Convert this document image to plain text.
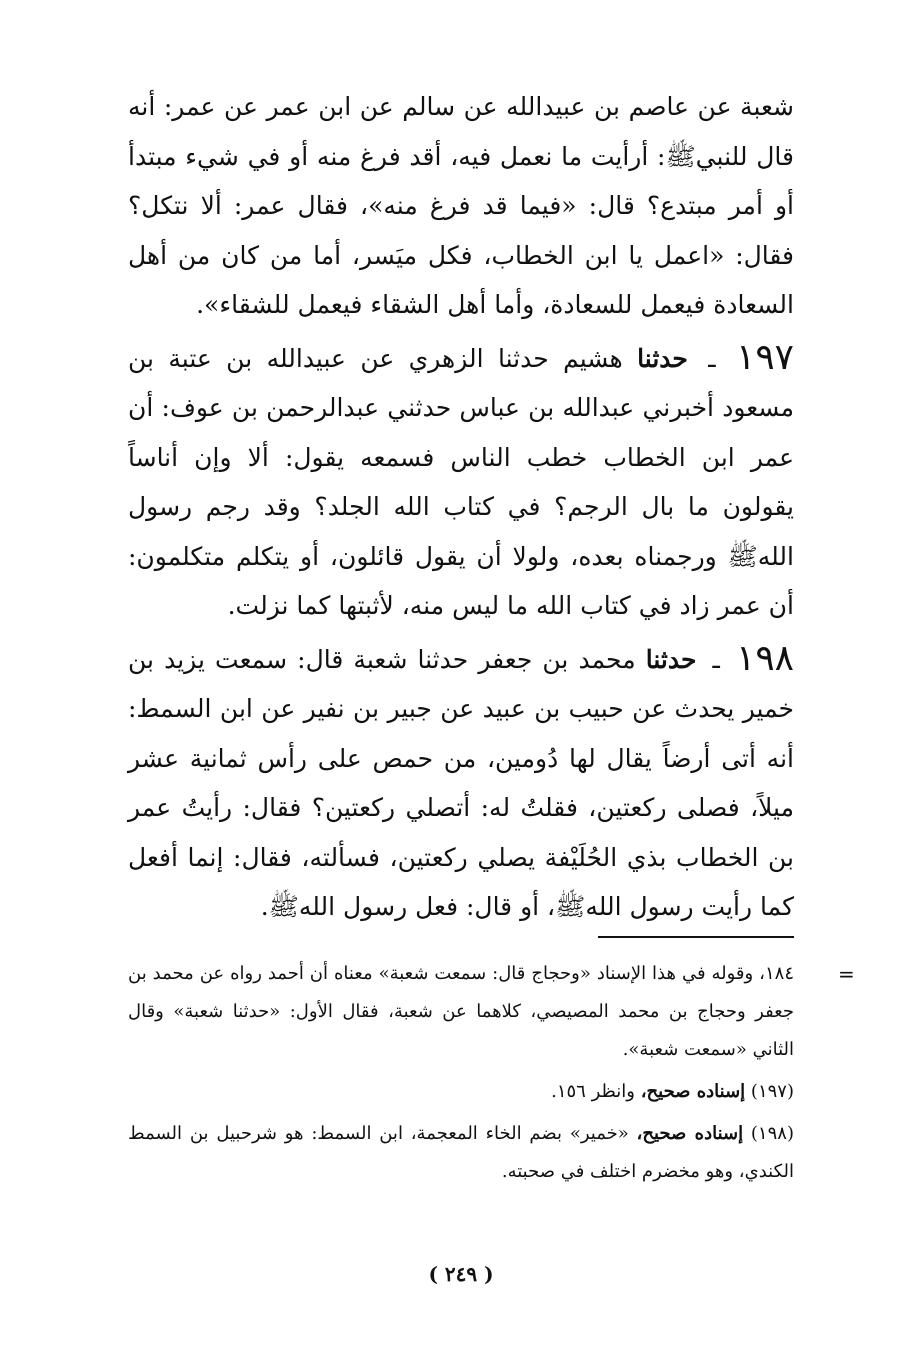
شعبة عن عاصم بن عبيدالله عن سالم عن ابن عمر عن عمر: أنه قال للنبيﷺ: أرأيت ما نعمل فيه، أقد فرغ منه أو في شيء مبتدأ أو أمر مبتدع؟ قال: «فيما قد فرغ منه»، فقال عمر: ألا نتكل؟ فقال: «اعمل يا ابن الخطاب، فكل ميَسر، أما من كان من أهل السعادة فيعمل للسعادة، وأما أهل الشقاء فيعمل للشقاء».

١٩٧ ـ حدثنا هشيم حدثنا الزهري عن عبيدالله بن عتبة بن مسعود أخبرني عبدالله بن عباس حدثني عبدالرحمن بن عوف: أن عمر ابن الخطاب خطب الناس فسمعه يقول: ألا وإن أناساً يقولون ما بال الرجم؟ في كتاب الله الجلد؟ وقد رجم رسول اللهﷺ ورجمناه بعده، ولولا أن يقول قائلون، أو يتكلم متكلمون: أن عمر زاد في كتاب الله ما ليس منه، لأثبتها كما نزلت.

١٩٨ ـ حدثنا محمد بن جعفر حدثنا شعبة قال: سمعت يزيد بن خمير يحدث عن حبيب بن عبيد عن جبير بن نفير عن ابن السمط: أنه أتى أرضاً يقال لها دُومين، من حمص على رأس ثمانية عشر ميلاً، فصلى ركعتين، فقلتُ له: أتصلي ركعتين؟ فقال: رأيتُ عمر بن الخطاب بذي الحُلَيْفة يصلي ركعتين، فسألته، فقال: إنما أفعل كما رأيت رسول اللهﷺ، أو قال: فعل رسول اللهﷺ.

=

١٨٤، وقوله في هذا الإسناد «وحجاج قال: سمعت شعبة» معناه أن أحمد رواه عن محمد بن جعفر وحجاج بن محمد المصيصي، كلاهما عن شعبة، فقال الأول: «حدثنا شعبة» وقال الثاني «سمعت شعبة».

(١٩٧) إسناده صحيح، وانظر ١٥٦.

(١٩٨) إسناده صحيح، «خمير» بضم الخاء المعجمة، ابن السمط: هو شرحبيل بن السمط الكندي، وهو مخضرم اختلف في صحبته.

( ٢٤٩ )
